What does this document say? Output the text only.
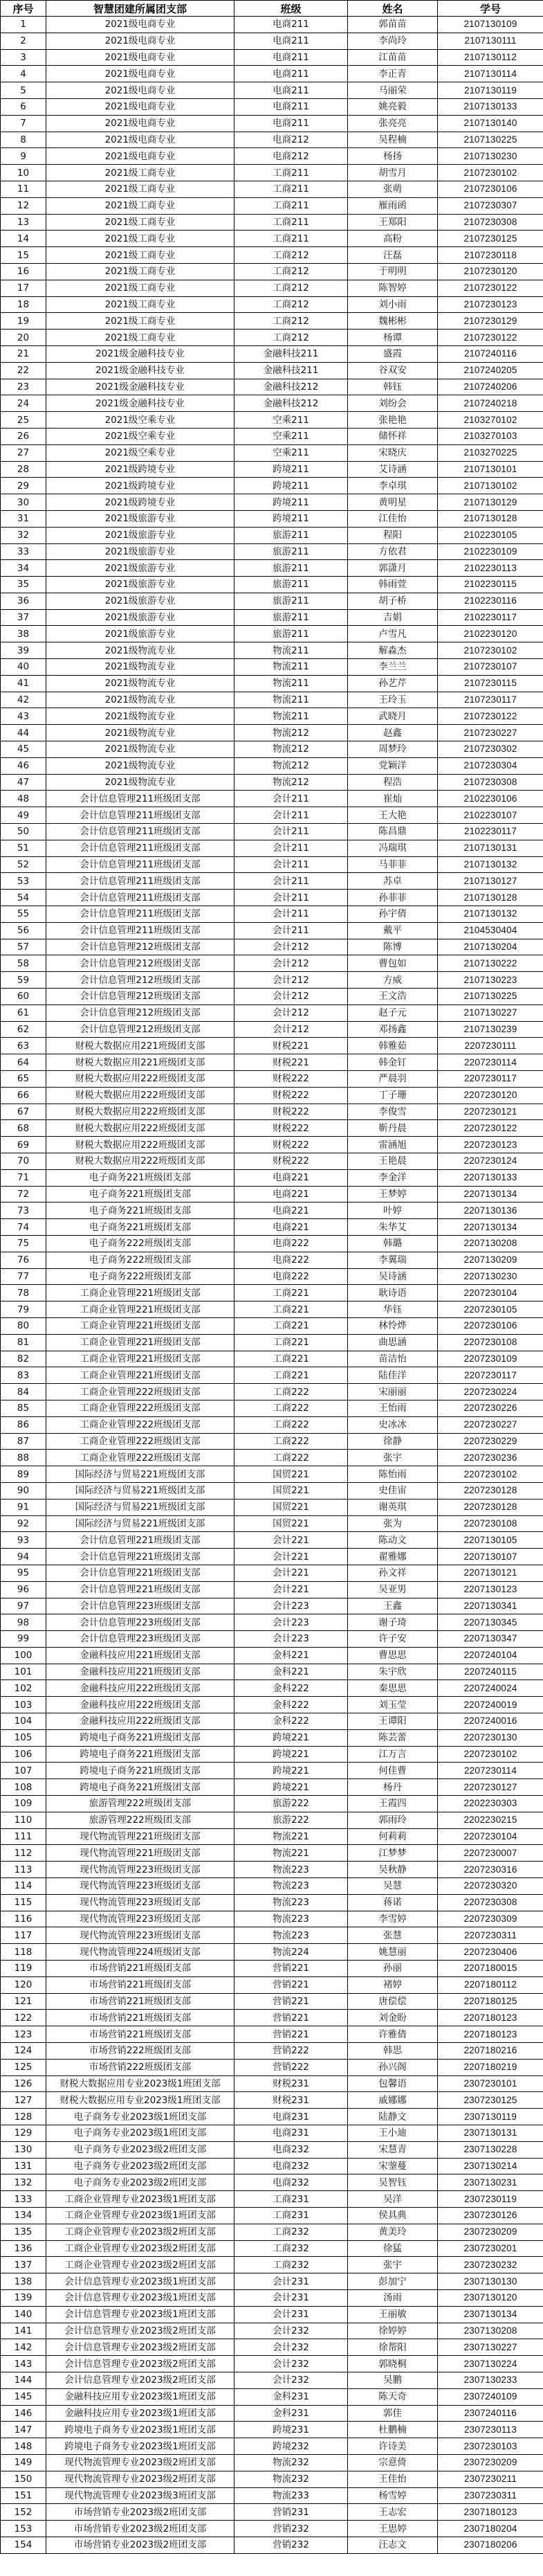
序号	智慧团建所属团支部	班级	姓名	学号
1	2021级电商专业	电商211	郭苗苗	2107130109
2	2021级电商专业	电商211	李尚玲	2107130111
3	2021级电商专业	电商211	江苗苗	2107130112
4	2021级电商专业	电商211	李正青	2107130114
5	2021级电商专业	电商211	马丽荣	2107130119
6	2021级电商专业	电商211	姚亮毅	2107130133
7	2021级电商专业	电商211	张亮亮	2107130140
8	2021级电商专业	电商212	吴程楠	2107130225
9	2021级电商专业	电商212	杨扬	2107130230
10	2021级工商专业	工商211	胡雪月	2107230102
11	2021级工商专业	工商211	张萌	2107230106
12	2021级工商专业	工商211	雁雨函	2107230307
13	2021级工商专业	工商211	王郑阳	2107230308
14	2021级工商专业	工商211	高粉	2107230125
15	2021级工商专业	工商212	汪磊	2107230118
16	2021级工商专业	工商212	于明明	2107230120
17	2021级工商专业	工商212	陈智婷	2107230122
18	2021级工商专业	工商212	刘小雨	2107230123
19	2021级工商专业	工商212	魏彬彬	2107230129
20	2021级工商专业	工商212	杨谭	2107230122
21	2021级金融科技专业	金融科技211	盛霞	2107240116
22	2021级金融科技专业	金融科技211	谷双安	2107240205
23	2021级金融科技专业	金融科技212	韩钰	2107240206
24	2021级金融科技专业	金融科技212	刘纷会	2107240218
25	2021级空乘专业	空乘211	张艳艳	2103270102
26	2021级空乘专业	空乘211	储怀祥	2103270103
27	2021级空乘专业	空乘211	宋晓庆	2103270225
28	2021级跨境专业	跨境211	艾诗涵	2107130101
29	2021级跨境专业	跨境211	李卓琪	2107130102
30	2021级跨境专业	跨境211	黄明星	2107130129
31	2021级旅游专业	跨境211	江佳怡	2107130128
32	2021级旅游专业	旅游211	程阳	2102230105
33	2021级旅游专业	旅游211	方依君	2102230109
34	2021级旅游专业	旅游211	郭潇月	2102230113
35	2021级旅游专业	旅游211	韩雨萱	2102230115
36	2021级旅游专业	旅游211	胡子桥	2102230116
37	2021级旅游专业	旅游211	吉娟	2102230117
38	2021级旅游专业	旅游211	卢雪凡	2102230120
39	2021级物流专业	物流211	解淼杰	2107230102
40	2021级物流专业	物流211	李兰兰	2107230107
41	2021级物流专业	物流211	孙艺芹	2107230115
42	2021级物流专业	物流211	王玲玉	2107230117
43	2021级物流专业	物流211	武晓月	2107230122
44	2021级物流专业	物流212	赵鑫	2107230227
45	2021级物流专业	物流212	周梦玲	2107230302
46	2021级物流专业	物流212	党颖洋	2107230304
47	2021级物流专业	物流212	程浩	2107230308
48	会计信息管理211班级团支部	会计211	崔灿	2102230106
49	会计信息管理211班级团支部	会计211	王大艳	2102230107
50	会计信息管理211班级团支部	会计211	陈昌鼎	2102230117
51	会计信息管理211班级团支部	会计211	冯瑞琪	2107130131
52	会计信息管理211班级团支部	会计211	马菲菲	2107130132
53	会计信息管理211班级团支部	会计211	苏卓	2107130127
54	会计信息管理211班级团支部	会计211	孙菲菲	2107130128
55	会计信息管理211班级团支部	会计211	孙宇倩	2107130132
56	会计信息管理211班级团支部	会计211	戴平	2104530404
57	会计信息管理212班级团支部	会计212	陈博	2107130204
58	会计信息管理212班级团支部	会计212	曹包如	2107130222
59	会计信息管理212班级团支部	会计212	方威	2107130223
60	会计信息管理212班级团支部	会计212	王文浩	2107130225
61	会计信息管理212班级团支部	会计212	赵子元	2107130227
62	会计信息管理212班级团支部	会计212	邓扬鑫	2107130239
63	财税大数据应用221班级团支部	财税221	韩雅茹	2207230111
64	财税大数据应用221班级团支部	财税221	韩金钉	2207230114
65	财税大数据应用222班级团支部	财税222	严晨羽	2207230117
66	财税大数据应用222班级团支部	财税222	丁子珊	2207230120
67	财税大数据应用222班级团支部	财税222	李俊雪	2207230121
68	财税大数据应用222班级团支部	财税222	靳丹晨	2207230122
69	财税大数据应用222班级团支部	财税222	雷涵旭	2207230123
70	财税大数据应用222班级团支部	财税222	王艳晨	2207230124
71	电子商务221班级团支部	电商221	李金洋	2207130133
72	电子商务221班级团支部	电商221	王梦婷	2207130134
73	电子商务221班级团支部	电商221	叶婷	2207130136
74	电子商务221班级团支部	电商221	朱华艾	2207130134
75	电子商务222班级团支部	电商222	韩璐	2207130208
76	电子商务222班级团支部	电商222	李翼瑞	2207130209
77	电子商务222班级团支部	电商222	吴诗涵	2207130230
78	工商企业管理221班级团支部	工商221	耿诗语	2207230104
79	工商企业管理221班级团支部	工商221	华钰	2207230105
80	工商企业管理221班级团支部	工商221	林怜烨	2207230106
81	工商企业管理221班级团支部	工商221	曲思涵	2207230108
82	工商企业管理221班级团支部	工商221	苗洁怡	2207230109
83	工商企业管理221班级团支部	工商221	陆佳洋	2207230117
84	工商企业管理222班级团支部	工商222	宋丽丽	2207230224
85	工商企业管理222班级团支部	工商222	王怡雨	2207230226
86	工商企业管理222班级团支部	工商222	史冰冰	2207230227
87	工商企业管理222班级团支部	工商222	徐静	2207230229
88	工商企业管理222班级团支部	工商222	张宇	2207230236
89	国际经济与贸易221班级团支部	国贸221	陈怡雨	2207230102
90	国际经济与贸易221班级团支部	国贸221	史佳宙	2207230128
91	国际经济与贸易221班级团支部	国贸221	谢英琪	2207230128
92	国际经济与贸易221班级团支部	国贸221	张为	2207230108
93	会计信息管理221班级团支部	会计221	陈动文	2207130105
94	会计信息管理221班级团支部	会计221	翟雅娜	2207130107
95	会计信息管理221班级团支部	会计221	孙文祥	2207130121
96	会计信息管理221班级团支部	会计221	吴亚男	2207130123
97	会计信息管理223班级团支部	会计223	王鑫	2207130341
98	会计信息管理223班级团支部	会计223	谢子琦	2207130345
99	会计信息管理223班级团支部	会计223	许子安	2207130347
100	金融科技应用221班级团支部	金科221	曹思思	2207240104
101	金融科技应用221班级团支部	金科221	朱宇欣	2207240115
102	金融科技应用222班级团支部	金科222	秦思思	2207240024
103	金融科技应用222班级团支部	金科222	刘玉莹	2207240019
104	金融科技应用222班级团支部	金科222	王谭阳	2207240016
105	跨境电子商务221班级团支部	跨境221	陈芸蕾	2207230130
106	跨境电子商务221班级团支部	跨境221	江万言	2207230102
107	跨境电子商务221班级团支部	跨境221	何佳曹	2207230114
108	跨境电子商务221班级团支部	跨境221	杨丹	2207230127
109	旅游管理222班级团支部	旅游222	王霞四	2202230303
110	旅游管理222班级团支部	旅游222	郭雨玲	2202230215
111	现代物流管理221班级团支部	物流221	何莉莉	2207230104
112	现代物流管理221班级团支部	物流221	江梦梦	2207230007
113	现代物流管理223班级团支部	物流223	吴秋静	2207230316
114	现代物流管理223班级团支部	物流223	吴慧	2207230320
115	现代物流管理223班级团支部	物流223	蒋诺	2207230308
116	现代物流管理223班级团支部	物流223	李雪婷	2207230309
117	现代物流管理223班级团支部	物流223	张慧	2207230311
118	现代物流管理224班级团支部	物流224	姚慧丽	2207230406
119	市场营销221班级团支部	营销221	孙丽	2207180015
120	市场营销221班级团支部	营销221	褚婷	2207180112
121	市场营销221班级团支部	营销221	唐偿偿	2207180125
122	市场营销221班级团支部	营销221	刘金盼	2207180123
123	市场营销221班级团支部	营销221	许雅倩	2207180123
124	市场营销222班级团支部	营销222	韩思	2207180216
125	市场营销222班级团支部	营销222	孙兴阁	2207180219
126	财税大数据应用专业2023级1班团支部	财税231	包馨语	2307230101
127	财税大数据应用专业2023级1班团支部	财税231	戚娜娜	2307230125
128	电子商务专业2023级1班团支部	电商231	陆静文	2307130119
129	电子商务专业2023级1班团支部	电商231	王小迪	2307130131
130	电子商务专业2023级2班团支部	电商232	宋慧青	2307130228
131	电子商务专业2023级2班团支部	电商232	宋蓥蔓	2307130214
132	电子商务专业2023级2班团支部	电商232	吴智钰	2307130231
133	工商企业管理专业2023级1班团支部	工商231	吴洋	2307230119
134	工商企业管理专业2023级1班团支部	工商231	侯具典	2307230126
135	工商企业管理专业2023级2班团支部	工商232	黄美玲	2307230209
136	工商企业管理专业2023级2班团支部	工商232	徐猛	2307230201
137	工商企业管理专业2023级2班团支部	工商232	张宇	2307230232
138	会计信息管理专业2023级1班团支部	会计231	彭加宁	2307130130
139	会计信息管理专业2023级1班团支部	会计231	汤雨	2307130120
140	会计信息管理专业2023级1班团支部	会计231	王丽敏	2307130134
141	会计信息管理专业2023级2班团支部	会计232	徐婷婷	2307130208
142	会计信息管理专业2023级2班团支部	会计232	徐帮阳	2307130227
143	会计信息管理专业2023级2班团支部	会计232	郭晓桐	2307130224
144	会计信息管理专业2023级2班团支部	会计232	吴鹏	2307130233
145	金融科技应用专业2023级1班团支部	金科231	陈天奇	2307240109
146	金融科技应用专业2023级1班团支部	金科231	郭佳	2307240116
147	跨境电子商务专业2023级1班团支部	跨境231	杜鹏楠	2307230113
148	跨境电子商务专业2023级1班团支部	跨境232	许诗美	2307230103
149	现代物流管理专业2023级2班团支部	物流232	宗意倚	2307230209
150	现代物流管理专业2023级2班团支部	物流232	王佳怡	2307230211
151	现代物流管理专业2023级3班团支部	物流233	杨雪婷	2307230311
152	市场营销专业2023级2班团支部	营销231	王志宏	2307180123
153	市场营销专业2023级2班团支部	营销232	王思婷	2307180204
154	市场营销专业2023级2班团支部	营销232	汪志文	2307180206
